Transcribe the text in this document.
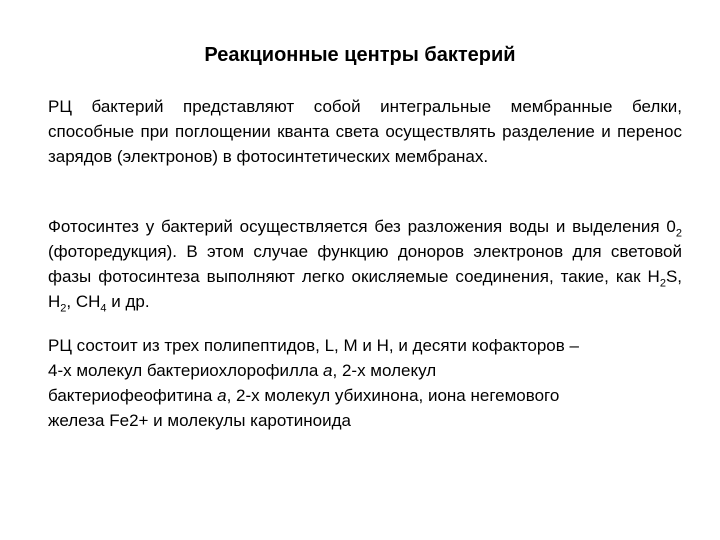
Реакционные центры бактерий
РЦ бактерий представляют собой интегральные мембранные белки, способные при поглощении кванта света осуществлять разделение и перенос зарядов (электронов) в фотосинтетических мембранах.
Фотосинтез у бактерий осуществляется без разложения воды и выделения $0_2$ (фоторедукция). В этом случае функцию доноров электронов для световой фазы фотосинтеза выполняют легко окисляемые соединения, такие, как $H_2S$, $H_2$, $CH_4$ и др.
РЦ состоит из трех полипептидов, L, M и H, и десяти кофакторов –
4-х молекул бактериохлорофилла а, 2-х молекул
бактериофеофитина а, 2-х молекул убихинона, иона негемового
железа Fe2+ и молекулы каротиноида
